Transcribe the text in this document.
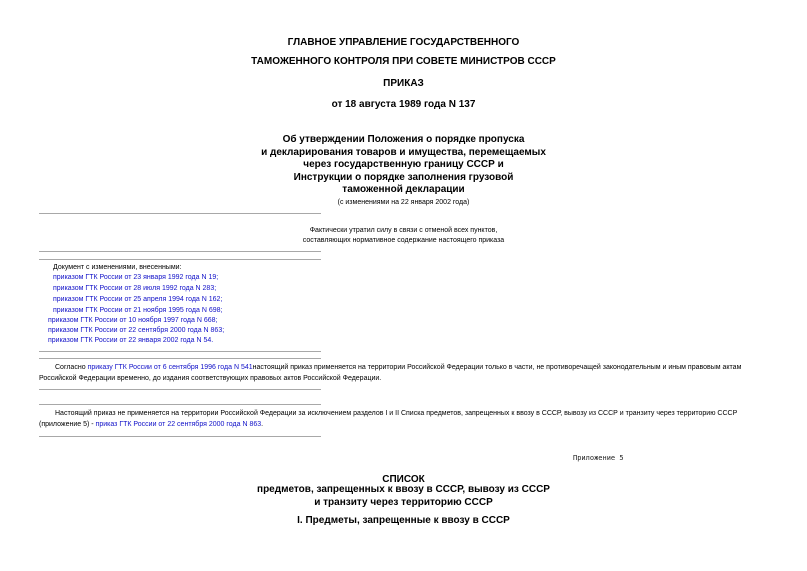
ГЛАВНОЕ УПРАВЛЕНИЕ ГОСУДАРСТВЕННОГО
ТАМОЖЕННОГО КОНТРОЛЯ ПРИ СОВЕТЕ МИНИСТРОВ СССР
ПРИКАЗ
от 18 августа 1989 года N 137
Об утверждении Положения о порядке пропуска
и декларирования товаров и имущества, перемещаемых
через государственную границу СССР и
Инструкции о порядке заполнения грузовой
таможенной декларации
(с изменениями на 22 января 2002 года)
Фактически утратил силу в связи с отменой всех пунктов,
составляющих нормативное содержание настоящего приказа
Документ с изменениями, внесенными:
приказом ГТК России от 23 января 1992 года N 19;
приказом ГТК России от 28 июля 1992 года N 283;
приказом ГТК России от 25 апреля 1994 года N 162;
приказом ГТК России от 21 ноября 1995 года N 698;
приказом ГТК России от 10 ноября 1997 года N 668;
приказом ГТК России от 22 сентября 2000 года N 863;
приказом ГТК России от 22 января 2002 года N 54.
Согласно приказу ГТК России от 6 сентября 1996 года N 541настоящий приказ применяется на территории Российской Федерации только в части, не противоречащей законодательным и иным правовым актам
Российской Федерации временно, до издания соответствующих правовых актов Российской Федерации.
Настоящий приказ не применяется на территории Российской Федерации за исключением разделов I и II Списка предметов, запрещенных к ввозу в СССР, вывозу из СССР и транзиту через территорию СССР
(приложение 5) - приказ ГТК России от 22 сентября 2000 года N 863.
Приложение 5
СПИСОК
предметов, запрещенных к ввозу в СССР, вывозу из СССР
и транзиту через территорию СССР
I. Предметы, запрещенные к ввозу в СССР
